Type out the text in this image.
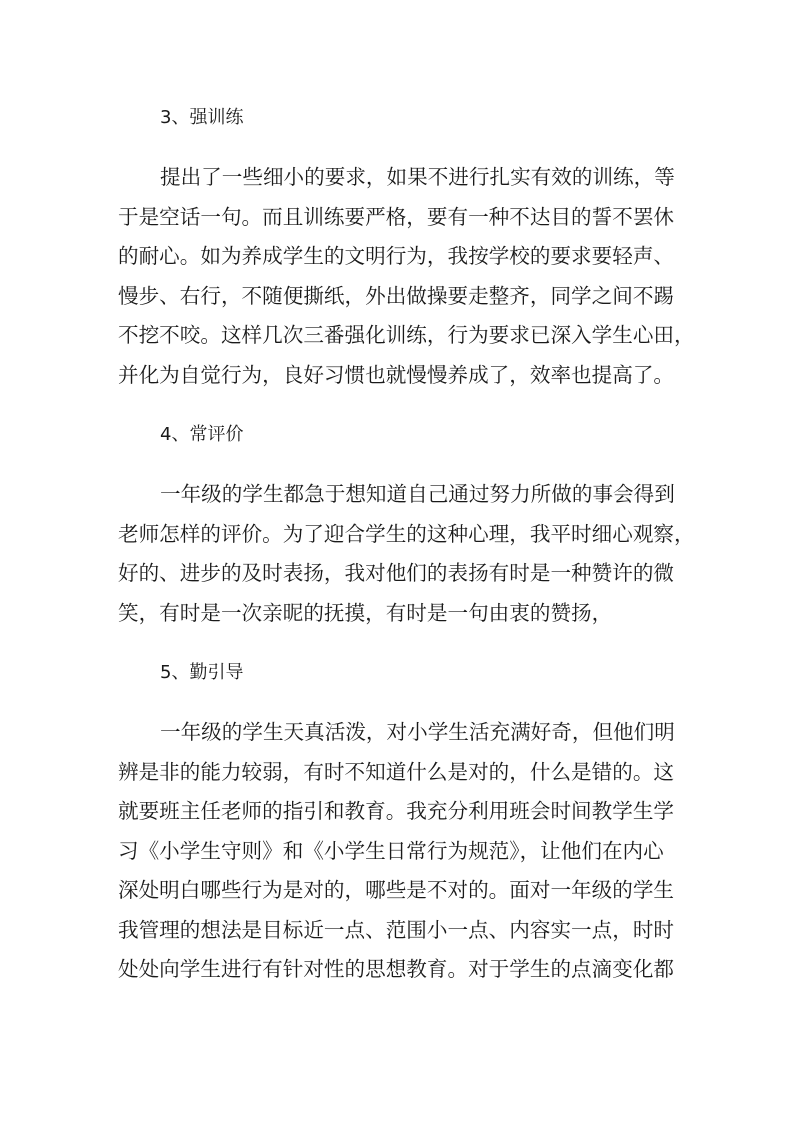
3、强训练
提出了一些细小的要求，如果不进行扎实有效的训练，等
于是空话一句。而且训练要严格，要有一种不达目的誓不罢休
的耐心。如为养成学生的文明行为，我按学校的要求要轻声、
慢步、右行，不随便撕纸，外出做操要走整齐，同学之间不踢
不挖不咬。这样几次三番强化训练，行为要求已深入学生心田，
并化为自觉行为，良好习惯也就慢慢养成了，效率也提高了。
4、常评价
一年级的学生都急于想知道自己通过努力所做的事会得到
老师怎样的评价。为了迎合学生的这种心理，我平时细心观察，
好的、进步的及时表扬，我对他们的表扬有时是一种赞许的微
笑，有时是一次亲昵的抚摸，有时是一句由衷的赞扬，
5、勤引导
一年级的学生天真活泼，对小学生活充满好奇，但他们明
辨是非的能力较弱，有时不知道什么是对的，什么是错的。这
就要班主任老师的指引和教育。我充分利用班会时间教学生学
习《小学生守则》和《小学生日常行为规范》，让他们在内心
深处明白哪些行为是对的，哪些是不对的。面对一年级的学生
我管理的想法是目标近一点、范围小一点、内容实一点，时时
处处向学生进行有针对性的思想教育。对于学生的点滴变化都
